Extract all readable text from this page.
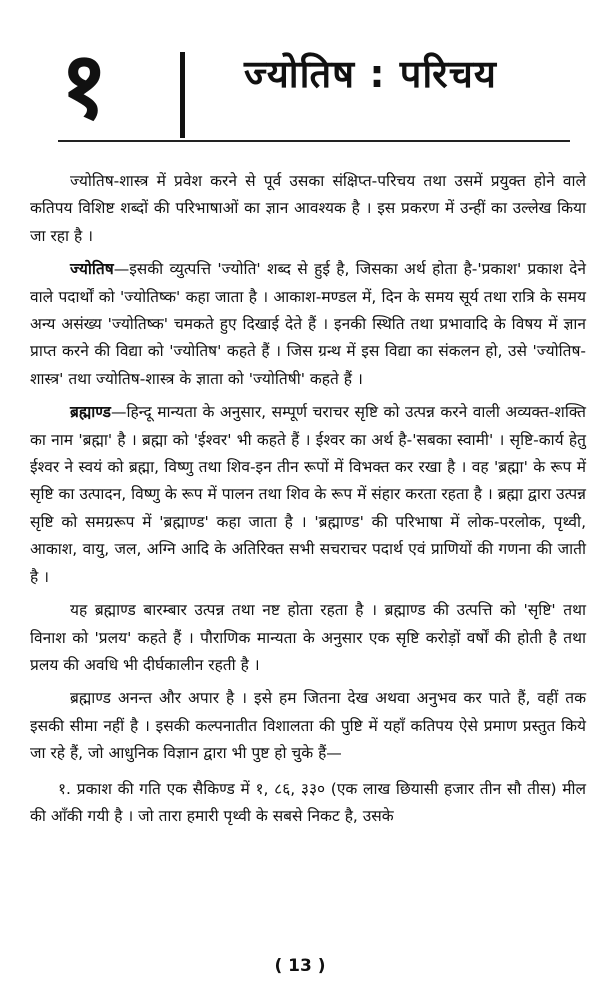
१	ज्योतिष : परिचय

ज्योतिष-शास्त्र में प्रवेश करने से पूर्व उसका संक्षिप्त-परिचय तथा उसमें प्रयुक्त होने वाले कतिपय विशिष्ट शब्दों की परिभाषाओं का ज्ञान आवश्यक है । इस प्रकरण में उन्हीं का उल्लेख किया जा रहा है ।

ज्योतिष—इसकी व्युत्पत्ति 'ज्योति' शब्द से हुई है, जिसका अर्थ होता है-'प्रकाश' प्रकाश देने वाले पदार्थों को 'ज्योतिष्क' कहा जाता है । आकाश-मण्डल में, दिन के समय सूर्य तथा रात्रि के समय अन्य असंख्य 'ज्योतिष्क' चमकते हुए दिखाई देते हैं । इनकी स्थिति तथा प्रभावादि के विषय में ज्ञान प्राप्त करने की विद्या को 'ज्योतिष' कहते हैं । जिस ग्रन्थ में इस विद्या का संकलन हो, उसे 'ज्योतिष-शास्त्र' तथा ज्योतिष-शास्त्र के ज्ञाता को 'ज्योतिषी' कहते हैं ।

ब्रह्माण्ड—हिन्दू मान्यता के अनुसार, सम्पूर्ण चराचर सृष्टि को उत्पन्न करने वाली अव्यक्त-शक्ति का नाम 'ब्रह्मा' है । ब्रह्मा को 'ईश्वर' भी कहते हैं । ईश्वर का अर्थ है-'सबका स्वामी' । सृष्टि-कार्य हेतु ईश्वर ने स्वयं को ब्रह्मा, विष्णु तथा शिव-इन तीन रूपों में विभक्त कर रखा है । वह 'ब्रह्मा' के रूप में सृष्टि का उत्पादन, विष्णु के रूप में पालन तथा शिव के रूप में संहार करता रहता है । ब्रह्मा द्वारा उत्पन्न सृष्टि को समग्ररूप में 'ब्रह्माण्ड' कहा जाता है । 'ब्रह्माण्ड' की परिभाषा में लोक-परलोक, पृथ्वी, आकाश, वायु, जल, अग्नि आदि के अतिरिक्त सभी सचराचर पदार्थ एवं प्राणियों की गणना की जाती है ।

यह ब्रह्माण्ड बारम्बार उत्पन्न तथा नष्ट होता रहता है । ब्रह्माण्ड की उत्पत्ति को 'सृष्टि' तथा विनाश को 'प्रलय' कहते हैं । पौराणिक मान्यता के अनुसार एक सृष्टि करोड़ों वर्षों की होती है तथा प्रलय की अवधि भी दीर्घकालीन रहती है ।

ब्रह्माण्ड अनन्त और अपार है । इसे हम जितना देख अथवा अनुभव कर पाते हैं, वहीं तक इसकी सीमा नहीं है । इसकी कल्पनातीत विशालता की पुष्टि में यहाँ कतिपय ऐसे प्रमाण प्रस्तुत किये जा रहे हैं, जो आधुनिक विज्ञान द्वारा भी पुष्ट हो चुके हैं—

१. प्रकाश की गति एक सैकिण्ड में १, ८६, ३३० (एक लाख छियासी हजार तीन सौ तीस) मील की आँकी गयी है । जो तारा हमारी पृथ्वी के सबसे निकट है, उसके

( 13 )
